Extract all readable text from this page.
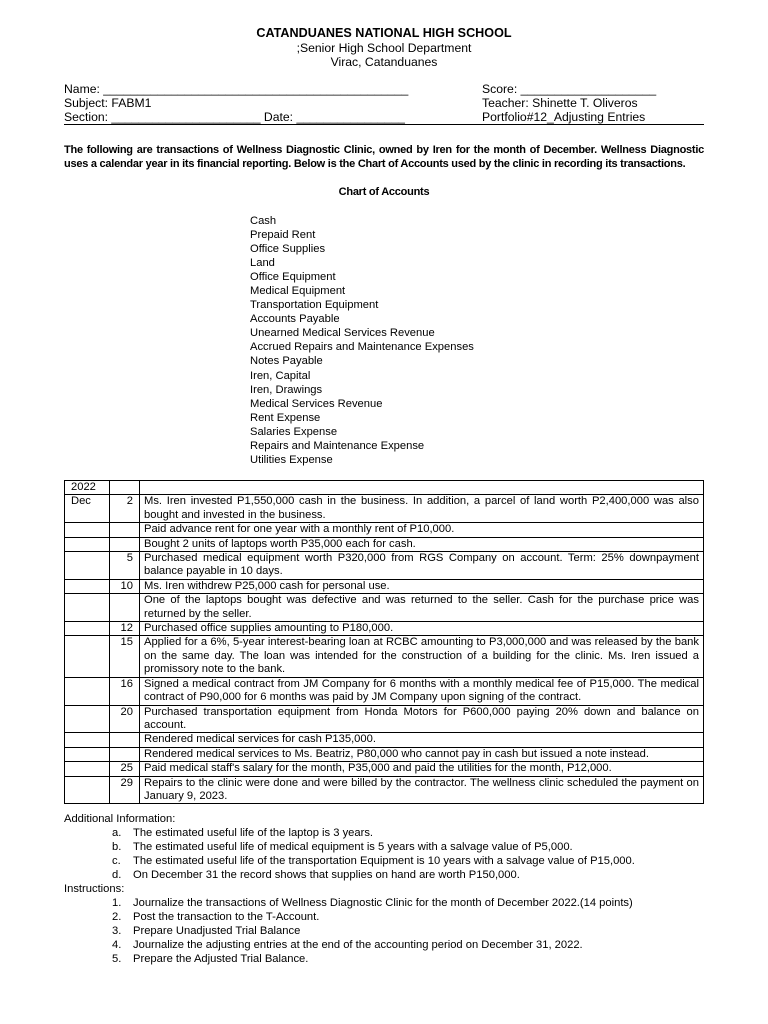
CATANDUANES NATIONAL HIGH SCHOOL
;Senior High School Department
Virac, Catanduanes
Name: _____________________________________________	Score: ____________________
Subject: FABM1	Teacher: Shinette T. Oliveros
Section: ______________________ Date: ________________	Portfolio#12_Adjusting Entries

The following are transactions of Wellness Diagnostic Clinic, owned by Iren for the month of December. Wellness Diagnostic uses a calendar year in its financial reporting. Below is the Chart of Accounts used by the clinic in recording its transactions.

Chart of Accounts
Cash
Prepaid Rent
Office Supplies
Land
Office Equipment
Medical Equipment
Transportation Equipment
Accounts Payable
Unearned Medical Services Revenue
Accrued Repairs and Maintenance Expenses
Notes Payable
Iren, Capital
Iren, Drawings
Medical Services Revenue
Rent Expense
Salaries Expense
Repairs and Maintenance Expense
Utilities Expense
2022		
Dec	2	Ms. Iren invested P1,550,000 cash in the business. In addition, a parcel of land worth P2,400,000 was also bought and invested in the business.
		Paid advance rent for one year with a monthly rent of P10,000.
		Bought 2 units of laptops worth P35,000 each for cash.
	5	Purchased medical equipment worth P320,000 from RGS Company on account. Term: 25% downpayment balance payable in 10 days.
	10	Ms. Iren withdrew P25,000 cash for personal use.
		One of the laptops bought was defective and was returned to the seller. Cash for the purchase price was returned by the seller.
	12	Purchased office supplies amounting to P180,000.
	15	Applied for a 6%, 5-year interest-bearing loan at RCBC amounting to P3,000,000 and was released by the bank on the same day. The loan was intended for the construction of a building for the clinic. Ms. Iren issued a promissory note to the bank.
	16	Signed a medical contract from JM Company for 6 months with a monthly medical fee of P15,000. The medical contract of P90,000 for 6 months was paid by JM Company upon signing of the contract.
	20	Purchased transportation equipment from Honda Motors for P600,000 paying 20% down and balance on account.
		Rendered medical services for cash P135,000.
		Rendered medical services to Ms. Beatriz, P80,000 who cannot pay in cash but issued a note instead.
	25	Paid medical staff's salary for the month, P35,000 and paid the utilities for the month, P12,000.
	29	Repairs to the clinic were done and were billed by the contractor. The wellness clinic scheduled the payment on January 9, 2023.
Additional Information:
a. The estimated useful life of the laptop is 3 years.
b. The estimated useful life of medical equipment is 5 years with a salvage value of P5,000.
c. The estimated useful life of the transportation Equipment is 10 years with a salvage value of P15,000.
d. On December 31 the record shows that supplies on hand are worth P150,000.
Instructions:
1. Journalize the transactions of Wellness Diagnostic Clinic for the month of December 2022.(14 points)
2. Post the transaction to the T-Account.
3. Prepare Unadjusted Trial Balance
4. Journalize the adjusting entries at the end of the accounting period on December 31, 2022.
5. Prepare the Adjusted Trial Balance.
